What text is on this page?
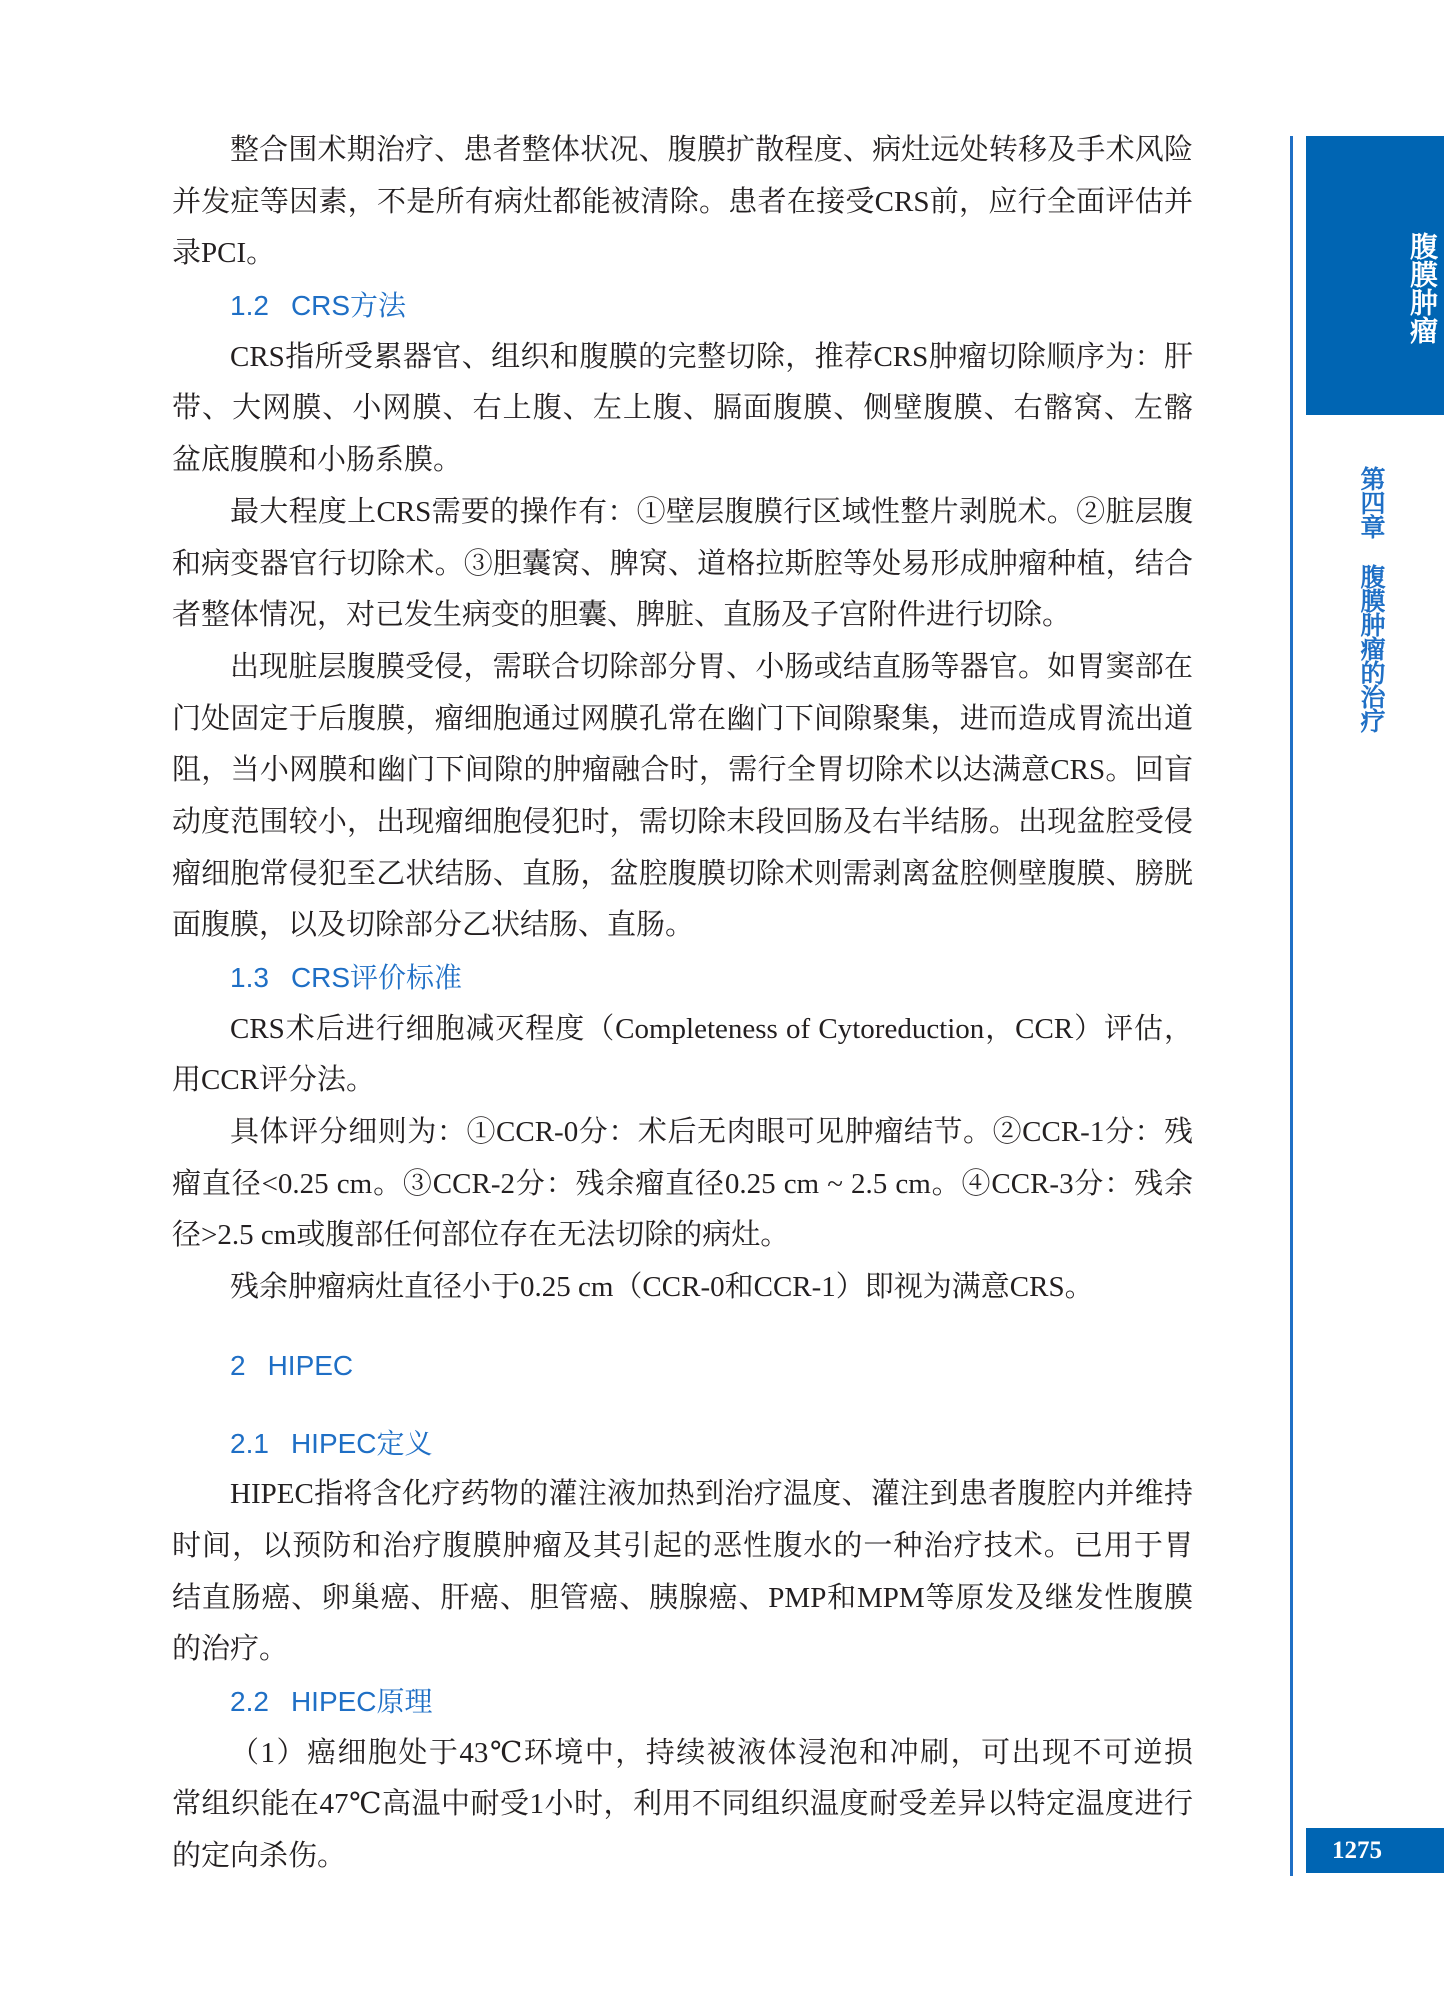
整合围术期治疗、患者整体状况、腹膜扩散程度、病灶远处转移及手术风险
并发症等因素，不是所有病灶都能被清除。患者在接受CRS前，应行全面评估并
录PCI。
1.2 CRS方法
CRS指所受累器官、组织和腹膜的完整切除，推荐CRS肿瘤切除顺序为：肝
带、大网膜、小网膜、右上腹、左上腹、膈面腹膜、侧壁腹膜、右髂窝、左髂
盆底腹膜和小肠系膜。
最大程度上CRS需要的操作有：①壁层腹膜行区域性整片剥脱术。②脏层腹
和病变器官行切除术。③胆囊窝、脾窝、道格拉斯腔等处易形成肿瘤种植，结合
者整体情况，对已发生病变的胆囊、脾脏、直肠及子宫附件进行切除。
出现脏层腹膜受侵，需联合切除部分胃、小肠或结直肠等器官。如胃窦部在
门处固定于后腹膜，瘤细胞通过网膜孔常在幽门下间隙聚集，进而造成胃流出道
阻，当小网膜和幽门下间隙的肿瘤融合时，需行全胃切除术以达满意CRS。回盲
动度范围较小，出现瘤细胞侵犯时，需切除末段回肠及右半结肠。出现盆腔受侵
瘤细胞常侵犯至乙状结肠、直肠，盆腔腹膜切除术则需剥离盆腔侧壁腹膜、膀胱
面腹膜，以及切除部分乙状结肠、直肠。
1.3 CRS评价标准
CRS术后进行细胞减灭程度（Completeness of Cytoreduction，CCR）评估，
用CCR评分法。
具体评分细则为：①CCR-0分：术后无肉眼可见肿瘤结节。②CCR-1分：残
瘤直径<0.25 cm。③CCR-2分：残余瘤直径0.25 cm ~ 2.5 cm。④CCR-3分：残余
径>2.5 cm或腹部任何部位存在无法切除的病灶。
残余肿瘤病灶直径小于0.25 cm（CCR-0和CCR-1）即视为满意CRS。
2 HIPEC
2.1 HIPEC定义
HIPEC指将含化疗药物的灌注液加热到治疗温度、灌注到患者腹腔内并维持
时间，以预防和治疗腹膜肿瘤及其引起的恶性腹水的一种治疗技术。已用于胃
结直肠癌、卵巢癌、肝癌、胆管癌、胰腺癌、PMP和MPM等原发及继发性腹膜
的治疗。
2.2 HIPEC原理
（1）癌细胞处于43℃环境中，持续被液体浸泡和冲刷，可出现不可逆损
常组织能在47℃高温中耐受1小时，利用不同组织温度耐受差异以特定温度进行
的定向杀伤。
腹膜肿瘤
第四章腹膜肿瘤的治疗
1275
